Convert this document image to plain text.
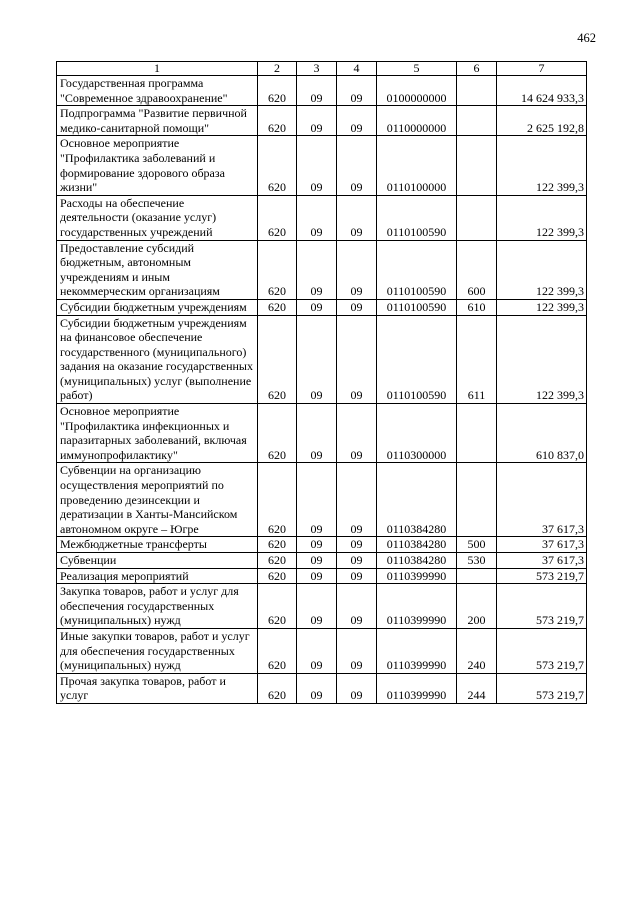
462
1	2	3	4	5	6	7
Государственная программа "Современное здравоохранение"	620	09	09	0100000000		14 624 933,3
Подпрограмма "Развитие первичной медико-санитарной помощи"	620	09	09	0110000000		2 625 192,8
Основное мероприятие "Профилактика заболеваний и формирование здорового образа жизни"	620	09	09	0110100000		122 399,3
Расходы на обеспечение деятельности (оказание услуг) государственных учреждений	620	09	09	0110100590		122 399,3
Предоставление субсидий бюджетным, автономным учреждениям и иным некоммерческим организациям	620	09	09	0110100590	600	122 399,3
Субсидии бюджетным учреждениям	620	09	09	0110100590	610	122 399,3
Субсидии бюджетным учреждениям на финансовое обеспечение государственного (муниципального) задания на оказание государственных (муниципальных) услуг (выполнение работ)	620	09	09	0110100590	611	122 399,3
Основное мероприятие "Профилактика инфекционных и паразитарных заболеваний, включая иммунопрофилактику"	620	09	09	0110300000		610 837,0
Субвенции на организацию осуществления мероприятий по проведению дезинсекции и дератизации в Ханты-Мансийском автономном округе – Югре	620	09	09	0110384280		37 617,3
Межбюджетные трансферты	620	09	09	0110384280	500	37 617,3
Субвенции	620	09	09	0110384280	530	37 617,3
Реализация мероприятий	620	09	09	0110399990		573 219,7
Закупка товаров, работ и услуг для обеспечения государственных (муниципальных) нужд	620	09	09	0110399990	200	573 219,7
Иные закупки товаров, работ и услуг для обеспечения государственных (муниципальных) нужд	620	09	09	0110399990	240	573 219,7
Прочая закупка товаров, работ и услуг	620	09	09	0110399990	244	573 219,7
